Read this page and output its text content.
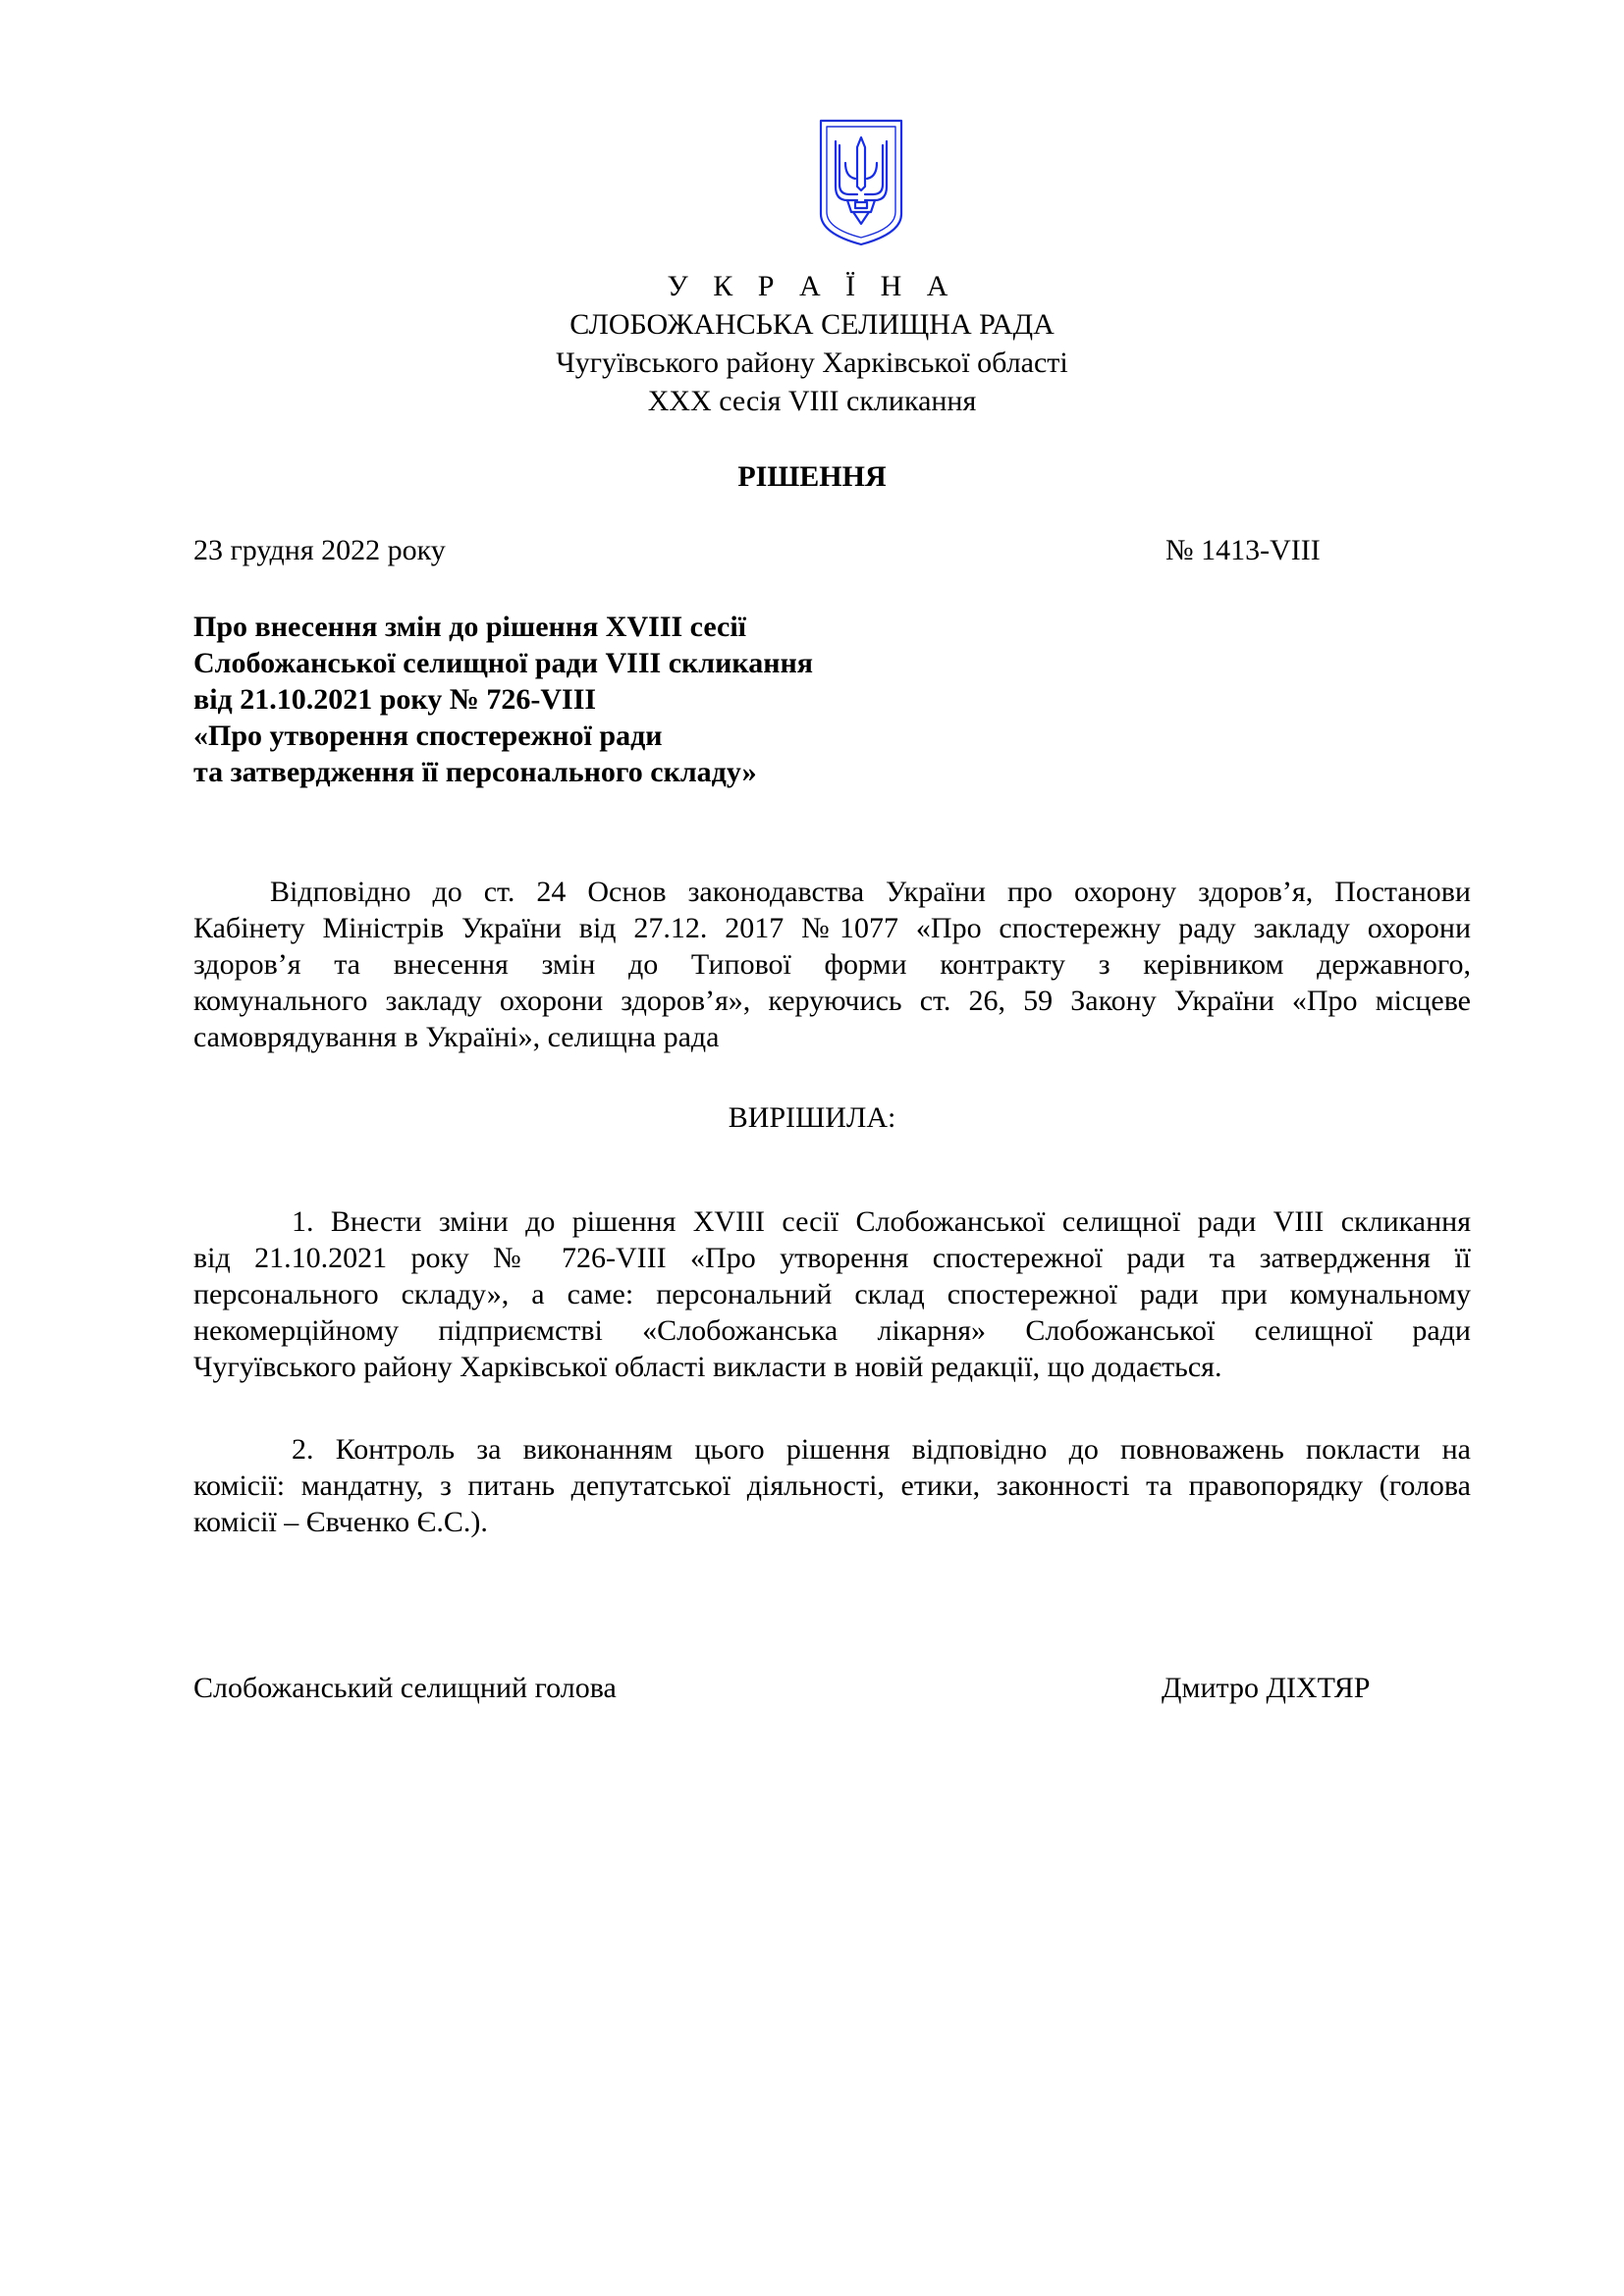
У К Р А Ї Н А
СЛОБОЖАНСЬКА СЕЛИЩНА РАДА
Чугуївського району Харківської області
XXX сесія VIII скликання
РІШЕННЯ
23 грудня 2022 року	№ 1413-VIII
Про внесення змін до рішення XVIII сесії
Слобожанської селищної ради VIII скликання
від 21.10.2021 року № 726-VIII
«Про утворення спостережної ради
та затвердження її персонального складу»
Відповідно до ст. 24 Основ законодавства України про охорону здоров’я, Постанови
Кабінету Міністрів України від 27.12. 2017 №1077 «Про спостережну раду закладу охорони
здоров’я та внесення змін до Типової форми контракту з керівником державного,
комунального закладу охорони здоров’я», керуючись ст. 26, 59 Закону України «Про місцеве
самоврядування в Україні», селищна рада
ВИРІШИЛА:
1. Внести зміни до рішення XVIII сесії Слобожанської селищної ради VIII скликання
від 21.10.2021 року № 726-VIII «Про утворення спостережної ради та затвердження її
персонального складу», а саме: персональний склад спостережної ради при комунальному
некомерційному підприємстві «Слобожанська лікарня» Слобожанської селищної ради
Чугуївського району Харківської області викласти в новій редакції, що додається.
2. Контроль за виконанням цього рішення відповідно до повноважень покласти на
комісії: мандатну, з питань депутатської діяльності, етики, законності та правопорядку (голова
комісії – Євченко Є.С.).
Слобожанський селищний голова	Дмитро ДІХТЯР
